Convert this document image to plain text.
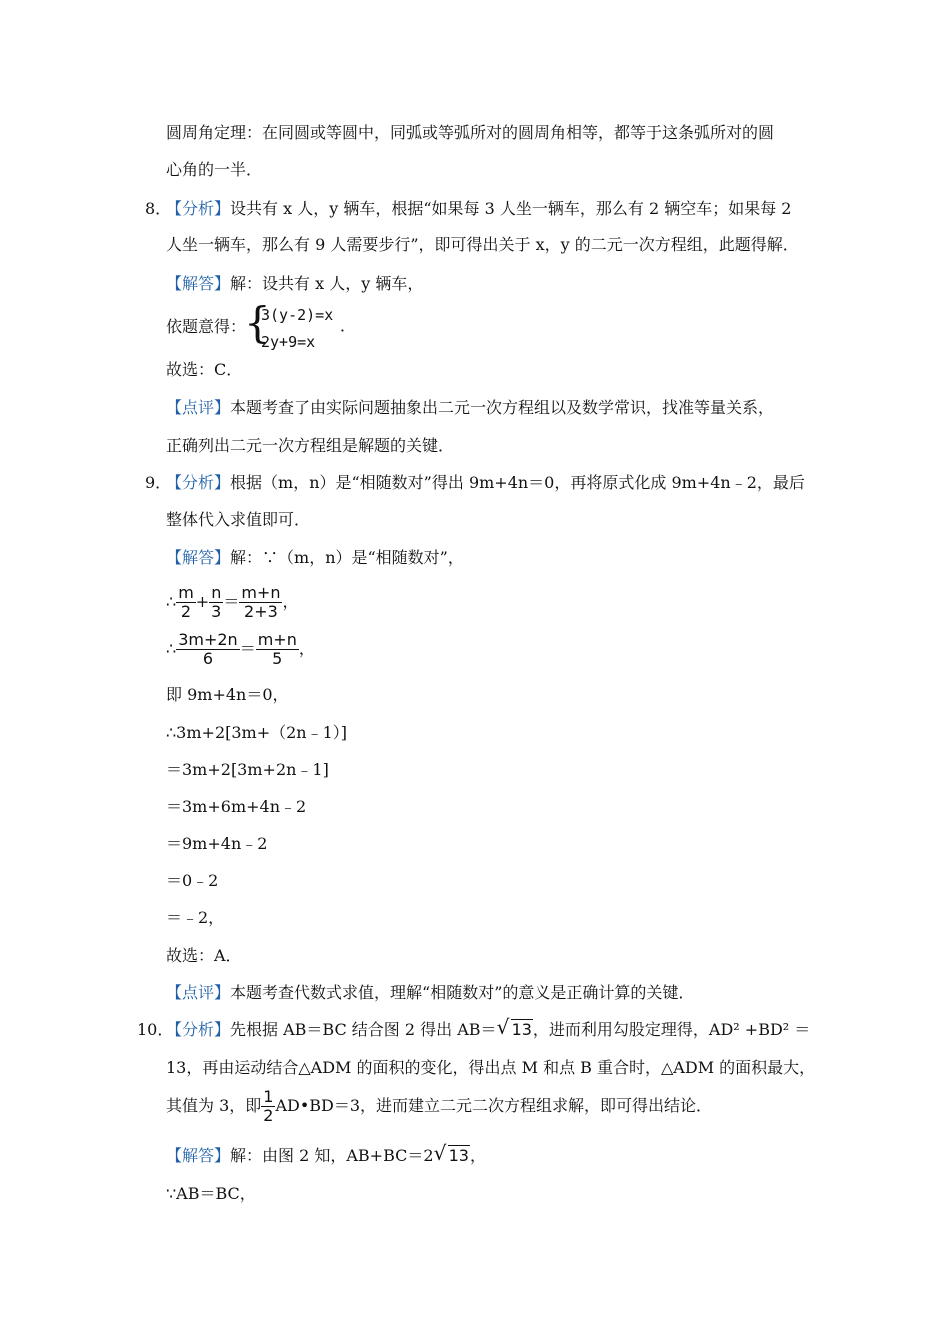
圆周角定理：在同圆或等圆中，同弧或等弧所对的圆周角相等，都等于这条弧所对的圆
心角的一半．
8．
【分析】设共有 x 人，y 辆车，根据“如果每 3 人坐一辆车，那么有 2 辆空车；如果每 2
人坐一辆车，那么有 9 人需要步行”，即可得出关于 x，y 的二元一次方程组，此题得解．
【解答】解：设共有 x 人，y 辆车，
依题意得：
{
3(y-2)=x
2y+9=x
．
故选：C．
【点评】本题考查了由实际问题抽象出二元一次方程组以及数学常识，找准等量关系，
正确列出二元一次方程组是解题的关键．
9．
【分析】根据（m，n）是“相随数对”得出 9m+4n＝0，再将原式化成 9m+4n﹣2，最后
整体代入求值即可．
【解答】解：∵（m，n）是“相随数对”，
∴ $\frac{m}{2} + \frac{n}{3} = \frac{m+n}{2+3}$ ，
∴ $\frac{3m+2n}{6} = \frac{m+n}{5}$ ，
即 9m+4n＝0，
∴3m+2[3m+（2n﹣1）]
＝3m+2[3m+2n﹣1]
＝3m+6m+4n﹣2
＝9m+4n﹣2
＝0﹣2
＝﹣2，
故选：A．
【点评】本题考查代数式求值，理解“相随数对”的意义是正确计算的关键．
10．
【分析】先根据 AB＝BC 结合图 2 得出 AB＝ √ 13，进而利用勾股定理得，AD² +BD² ＝
13，再由运动结合△ADM 的面积的变化，得出点 M 和点 B 重合时，△ADM 的面积最大，
其值为 3，即 $\frac{1}{2}$ AD•BD＝3，进而建立二元二次方程组求解，即可得出结论．
【解答】解：由图 2 知，AB+BC＝2 √ 13，
∵AB＝BC，
